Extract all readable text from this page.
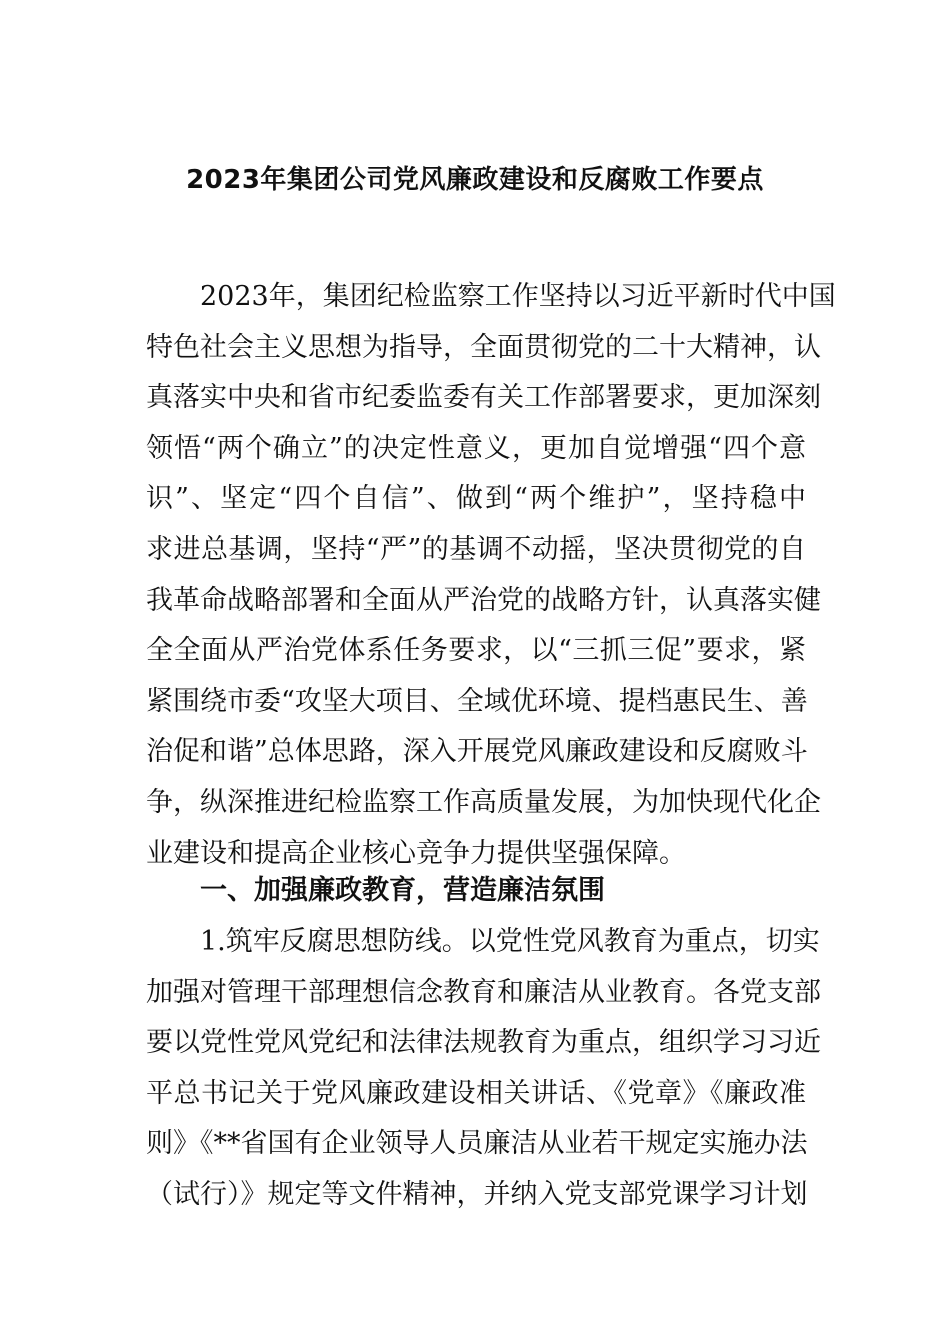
2023年集团公司党风廉政建设和反腐败工作要点
2023年，集团纪检监察工作坚持以习近平新时代中国
特色社会主义思想为指导，全面贯彻党的二十大精神，认
真落实中央和省市纪委监委有关工作部署要求，更加深刻
领悟“两个确立”的决定性意义，更加自觉增强“四个意
识”、坚定“四个自信”、做到“两个维护”，坚持稳中
求进总基调，坚持“严”的基调不动摇，坚决贯彻党的自
我革命战略部署和全面从严治党的战略方针，认真落实健
全全面从严治党体系任务要求，以“三抓三促”要求，紧
紧围绕市委“攻坚大项目、全域优环境、提档惠民生、善
治促和谐”总体思路，深入开展党风廉政建设和反腐败斗
争，纵深推进纪检监察工作高质量发展，为加快现代化企
业建设和提高企业核心竞争力提供坚强保障。
一、加强廉政教育，营造廉洁氛围
1.筑牢反腐思想防线。以党性党风教育为重点，切实
加强对管理干部理想信念教育和廉洁从业教育。各党支部
要以党性党风党纪和法律法规教育为重点，组织学习习近
平总书记关于党风廉政建设相关讲话、《党章》《廉政准
则》《**省国有企业领导人员廉洁从业若干规定实施办法
（试行）》规定等文件精神，并纳入党支部党课学习计划
